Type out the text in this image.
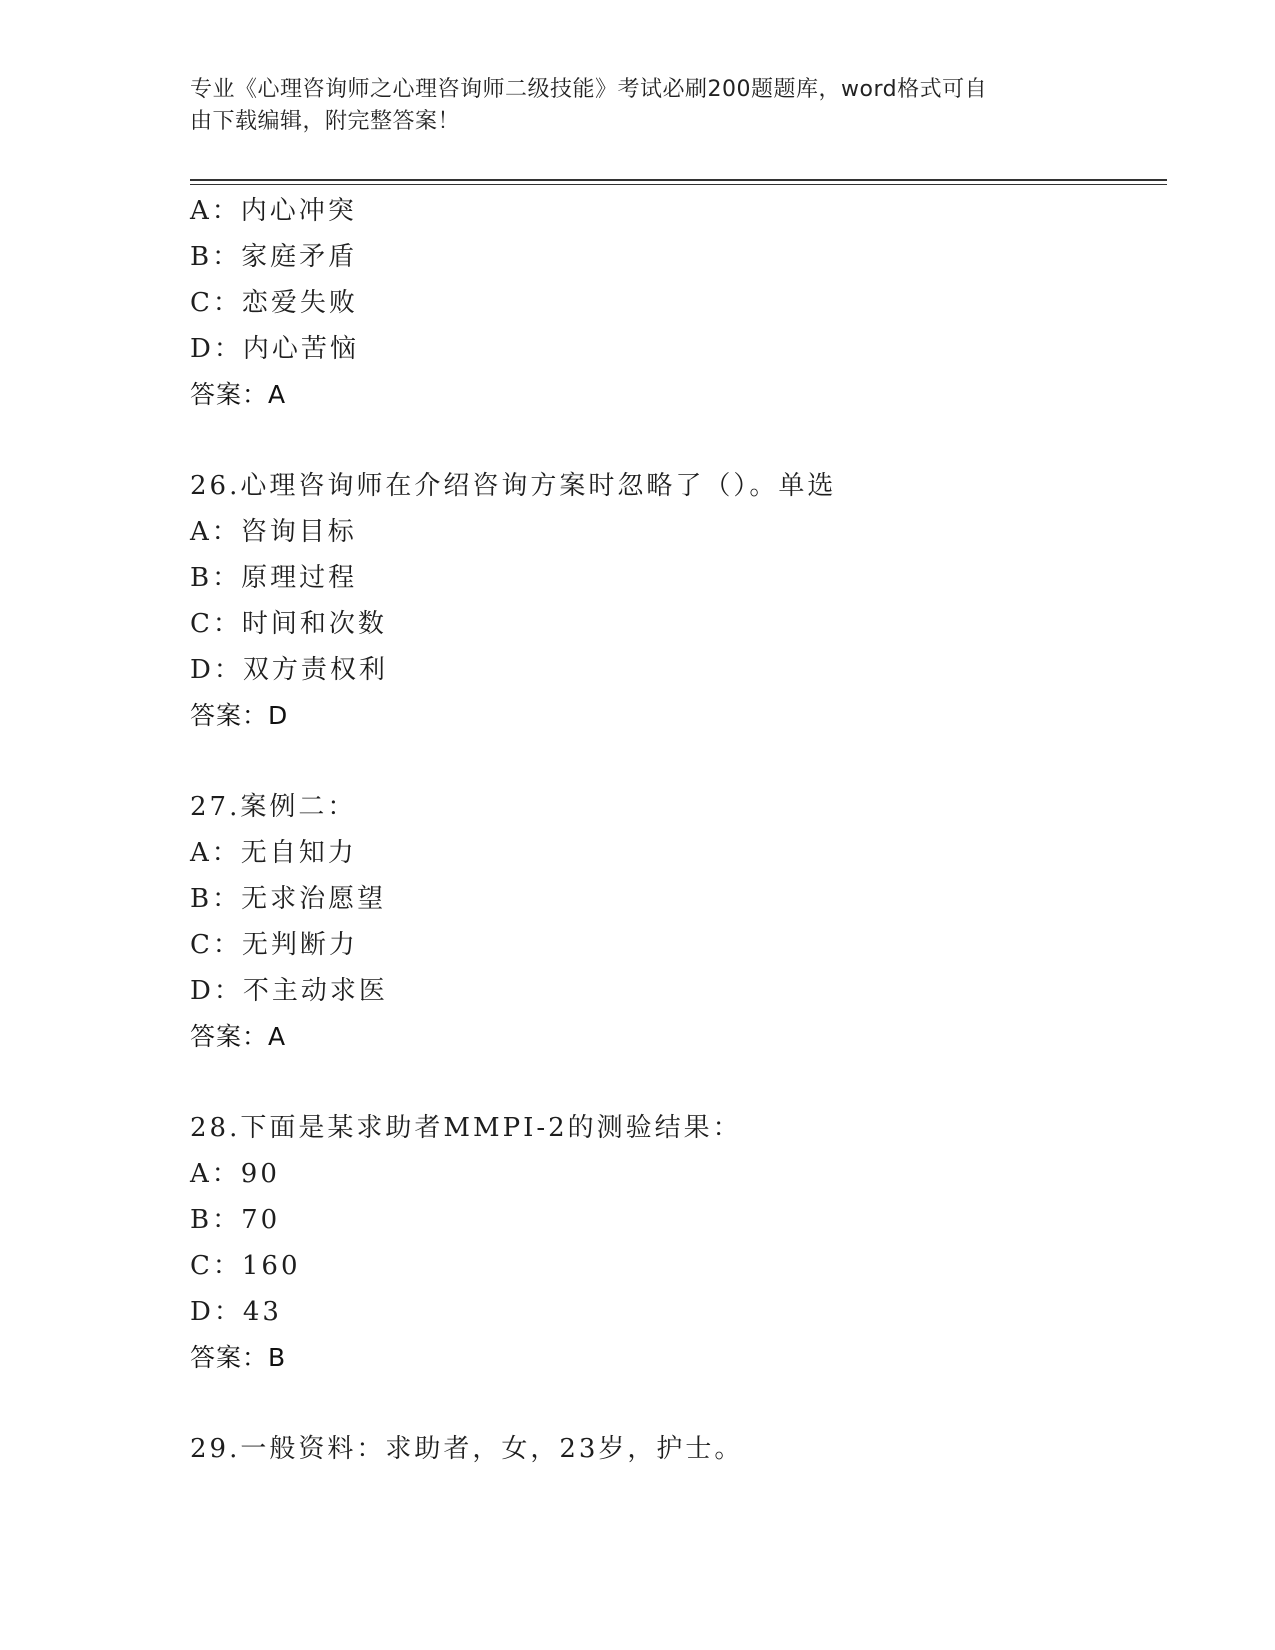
专业《心理咨询师之心理咨询师二级技能》考试必刷200题题库，word格式可自
由下载编辑，附完整答案！
A：内心冲突
B：家庭矛盾
C：恋爱失败
D：内心苦恼
答案：A
26.心理咨询师在介绍咨询方案时忽略了（）。单选
A：咨询目标
B：原理过程
C：时间和次数
D：双方责权利
答案：D
27.案例二：
A：无自知力
B：无求治愿望
C：无判断力
D：不主动求医
答案：A
28.下面是某求助者MMPI-2的测验结果：
A：90
B：70
C：160
D：43
答案：B
29.一般资料：求助者，女，23岁，护士。
